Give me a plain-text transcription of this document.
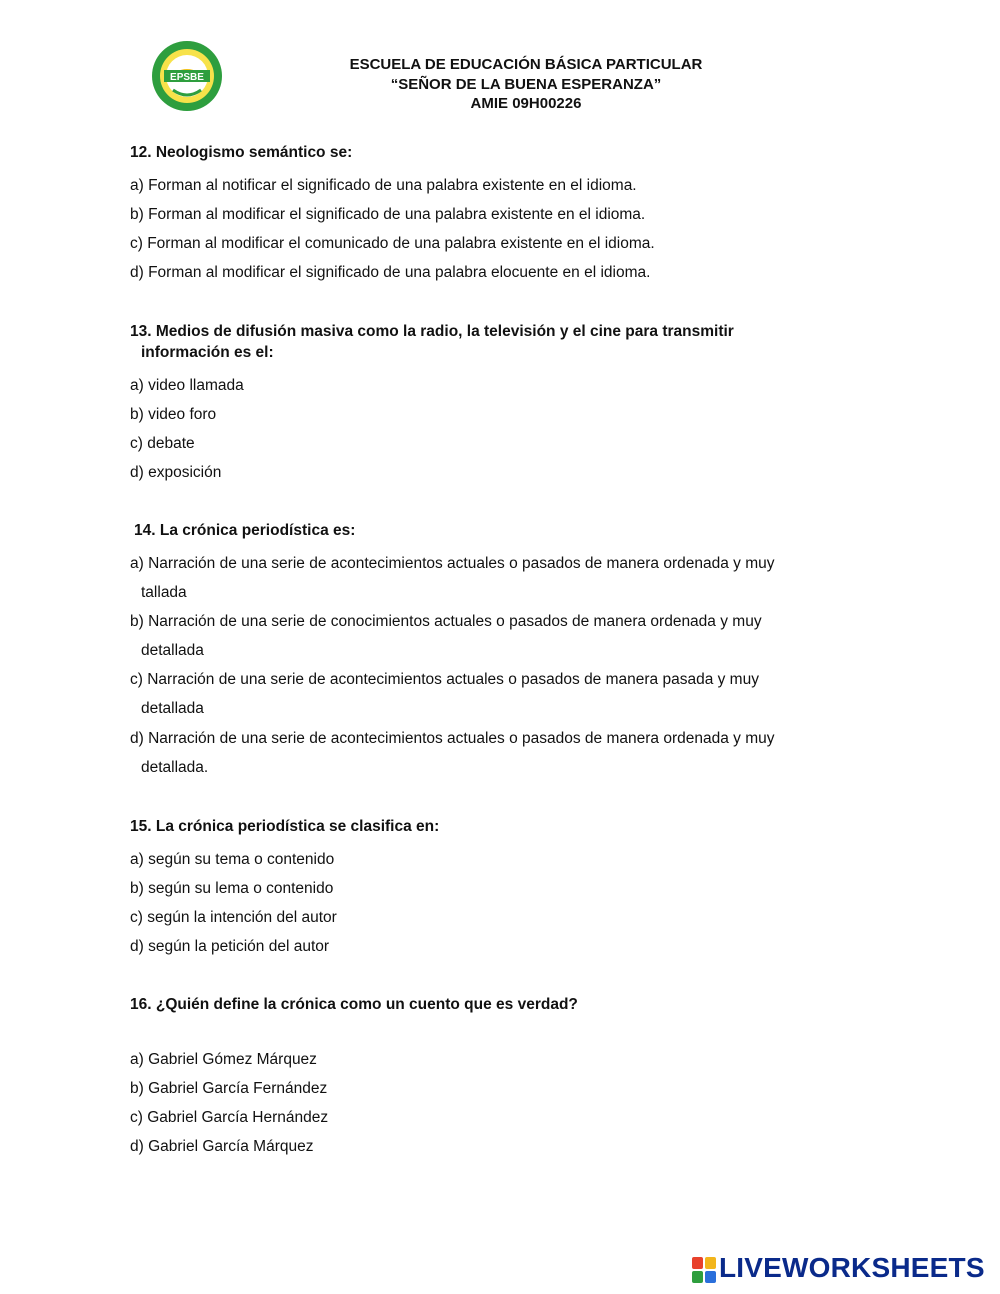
EPSBE
ESCUELA DE EDUCACIÓN BÁSICA PARTICULAR
“SEÑOR DE LA BUENA ESPERANZA”
AMIE 09H00226
12. Neologismo semántico se:
a) Forman al notificar el significado de una palabra existente en el idioma.
b) Forman al modificar el significado de una palabra existente en el idioma.
c) Forman al modificar el comunicado de una palabra existente en el idioma.
d) Forman al modificar el significado de una palabra elocuente en el idioma.
13. Medios de difusión masiva como la radio, la televisión y el cine para transmitir
información es el:
a) video llamada
b) video foro
c) debate
d) exposición
14. La crónica periodística es:
a) Narración de una serie de acontecimientos actuales o pasados de manera ordenada y muy
tallada
b) Narración de una serie de conocimientos actuales o pasados de manera ordenada y muy
detallada
c) Narración de una serie de acontecimientos actuales o pasados de manera pasada y muy
detallada
d) Narración de una serie de acontecimientos actuales o pasados de manera ordenada y muy
detallada.
15. La crónica periodística se clasifica en:
a) según su tema o contenido
b) según su lema o contenido
c) según la intención del autor
d) según la petición del autor
16. ¿Quién define la crónica como un cuento que es verdad?
a) Gabriel Gómez Márquez
b) Gabriel García Fernández
c) Gabriel García Hernández
d) Gabriel García Márquez
LIVEWORKSHEETS
